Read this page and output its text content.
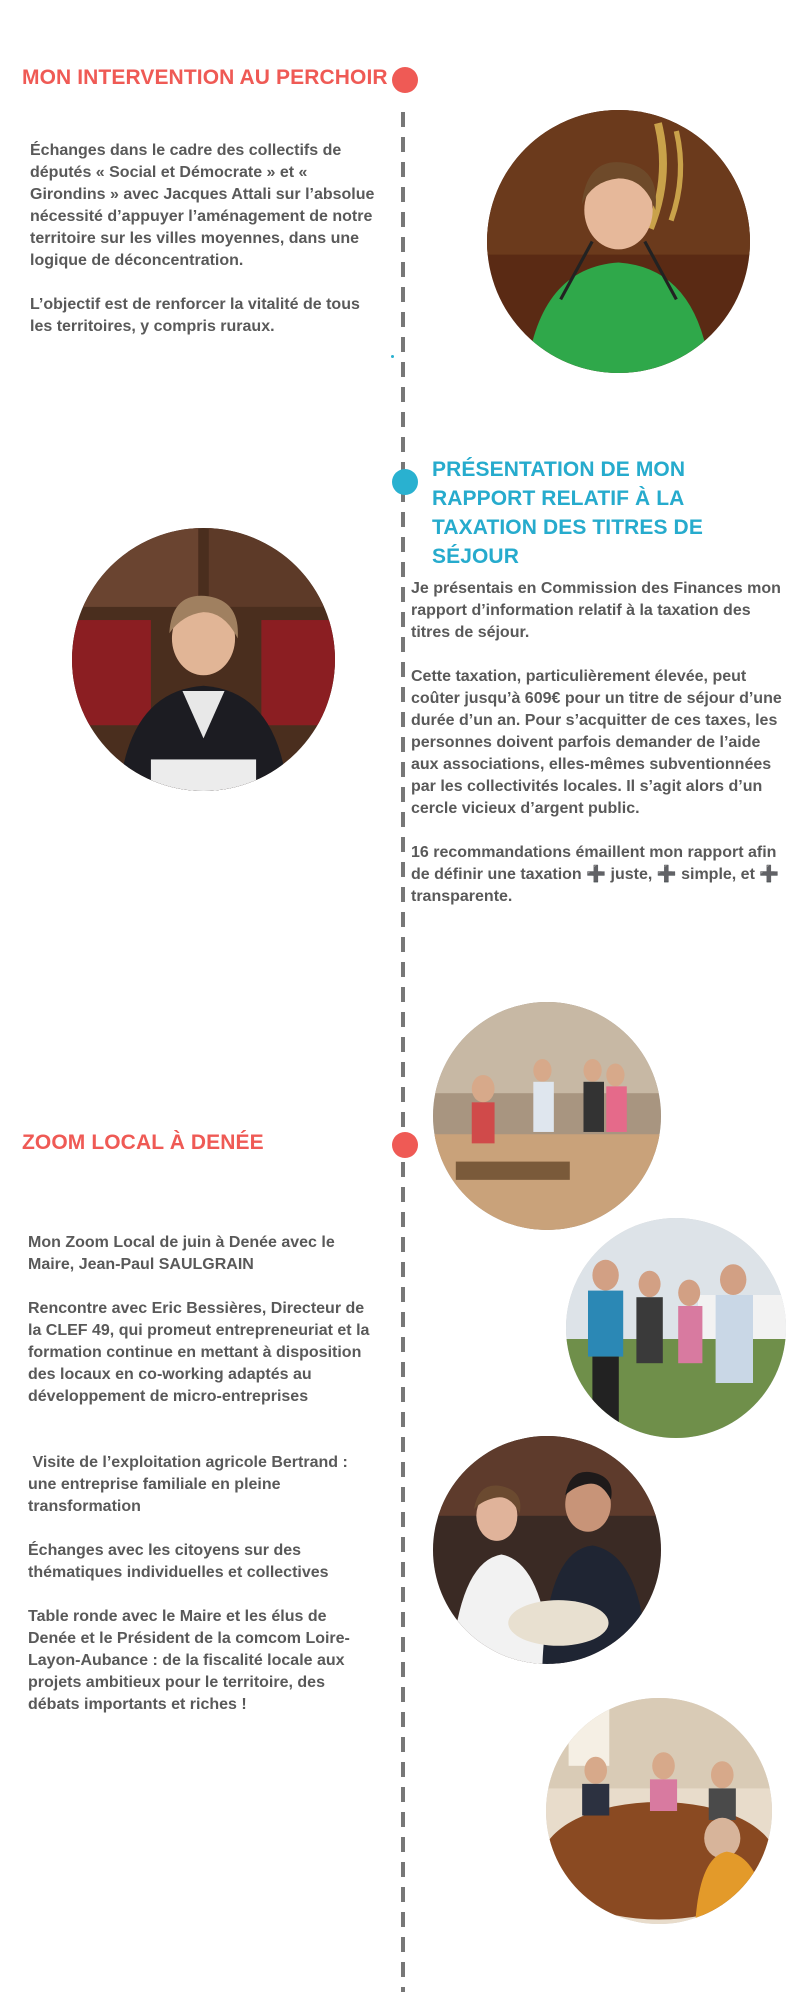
MON INTERVENTION AU PERCHOIR

Échanges dans le cadre des collectifs de députés « Social et Démocrate » et « Girondins » avec Jacques Attali sur l’absolue nécessité d’appuyer l’aménagement de notre territoire sur les villes moyennes, dans une logique de déconcentration.

L’objectif est de renforcer la vitalité de tous les territoires, y compris ruraux.

PRÉSENTATION DE MON RAPPORT RELATIF À LA TAXATION DES TITRES DE SÉJOUR

Je présentais en Commission des Finances mon rapport d’information relatif à la taxation des titres de séjour.

Cette taxation, particulièrement élevée, peut coûter jusqu’à 609€ pour un titre de séjour d’une durée d’un an. Pour s’acquitter de ces taxes, les personnes doivent parfois demander de l’aide aux associations, elles-mêmes subventionnées par les collectivités locales. Il s’agit alors d’un cercle vicieux d’argent public.

16 recommandations émaillent mon rapport afin de définir une taxation ➕ juste, ➕ simple, et ➕ transparente.

ZOOM LOCAL À DENÉE

Mon Zoom Local de juin à Denée avec le Maire, Jean-Paul SAULGRAIN

Rencontre avec Eric Bessières, Directeur de la CLEF 49, qui promeut entrepreneuriat et la formation continue en mettant à disposition des locaux en co-working adaptés au développement de micro-entreprises

Visite de l’exploitation agricole Bertrand : une entreprise familiale en pleine transformation

Échanges avec les citoyens sur des thématiques individuelles et collectives

Table ronde avec le Maire et les élus de Denée et le Président de la comcom Loire-Layon-Aubance : de la fiscalité locale aux projets ambitieux pour le territoire, des débats importants et riches !
